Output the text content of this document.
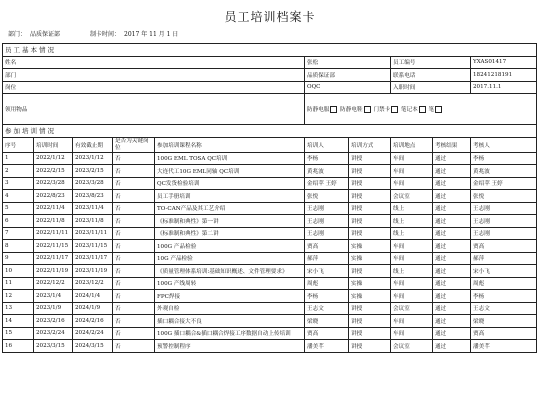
员工培训档案卡
部门： 品质保证部	制卡时间： 2017 年 11 月 1 日
员工基本情况									
姓名					张松		员工编号		YXAS01417
部门					品质保证部		联系电话		18241218191
岗位					OQC		入职时间		2017.11.1
领用物品					防静电服 防静电鞋 门禁卡 笔记本 笔				
参加培训情况									
序号	培训时间	有效截止期	是否为关键岗位	参加培训课程名称	培训人	培训方式	培训地点	考核结果	考核人
1	2022/1/12	2023/1/12	否	100G EML TOSA QC培训	李杨	讲授	车间	通过	李杨
2	2022/2/15	2023/2/15	否	大连代工10G EML同轴 QC培训	黄兆波	讲授	车间	通过	黄兆波
3	2022/3/28	2023/3/28	否	QC发货检验培训	金绍苹 王婷	讲授	车间	通过	金绍苹 王婷
4	2022/8/23	2023/8/23	否	员工手册培训	张悦	讲授	会议室	通过	张悦
5	2022/11/4	2023/11/4	否	TO-CAN产品及其工艺介绍	王志刚	讲授	线上	通过	王志刚
6	2022/11/8	2023/11/8	否	《标准制和典性》第一讲	王志刚	讲授	线上	通过	王志刚
7	2022/11/11	2023/11/11	否	《标准制和典性》第二讲	王志刚	讲授	线上	通过	王志刚
8	2022/11/15	2023/11/15	否	100G 产品检验	贾高	实操	车间	通过	贾高
9	2022/11/17	2023/11/17	否	10G 产品检验	郝萍	实操	车间	通过	郝萍
10	2022/11/19	2023/11/19	否	《质量管理体系培训:基础知识概述、文件管理要求》	宋小飞	讲授	线上	通过	宋小飞
11	2022/12/2	2023/12/2	否	100G 产线周转	周彪	实操	车间	通过	周彪
12	2023/1/4	2024/1/4	否	FPC焊接	李杨	实操	车间	通过	李杨
13	2023/1/9	2024/1/9	否	外观自检	王志文	讲授	会议室	通过	王志文
14	2023/2/16	2024/2/16	否	插口耦合接大不良	梁晓	讲授	车间	通过	梁晓
15	2023/2/24	2024/2/24	否	100G 插口耦合&插口耦合焊接工序数据自动上传培训	贾高	讲授	车间	通过	贾高
16	2023/3/15	2024/3/15	否	预警控制程序	潘美芊	讲授	会议室	通过	潘美芊
